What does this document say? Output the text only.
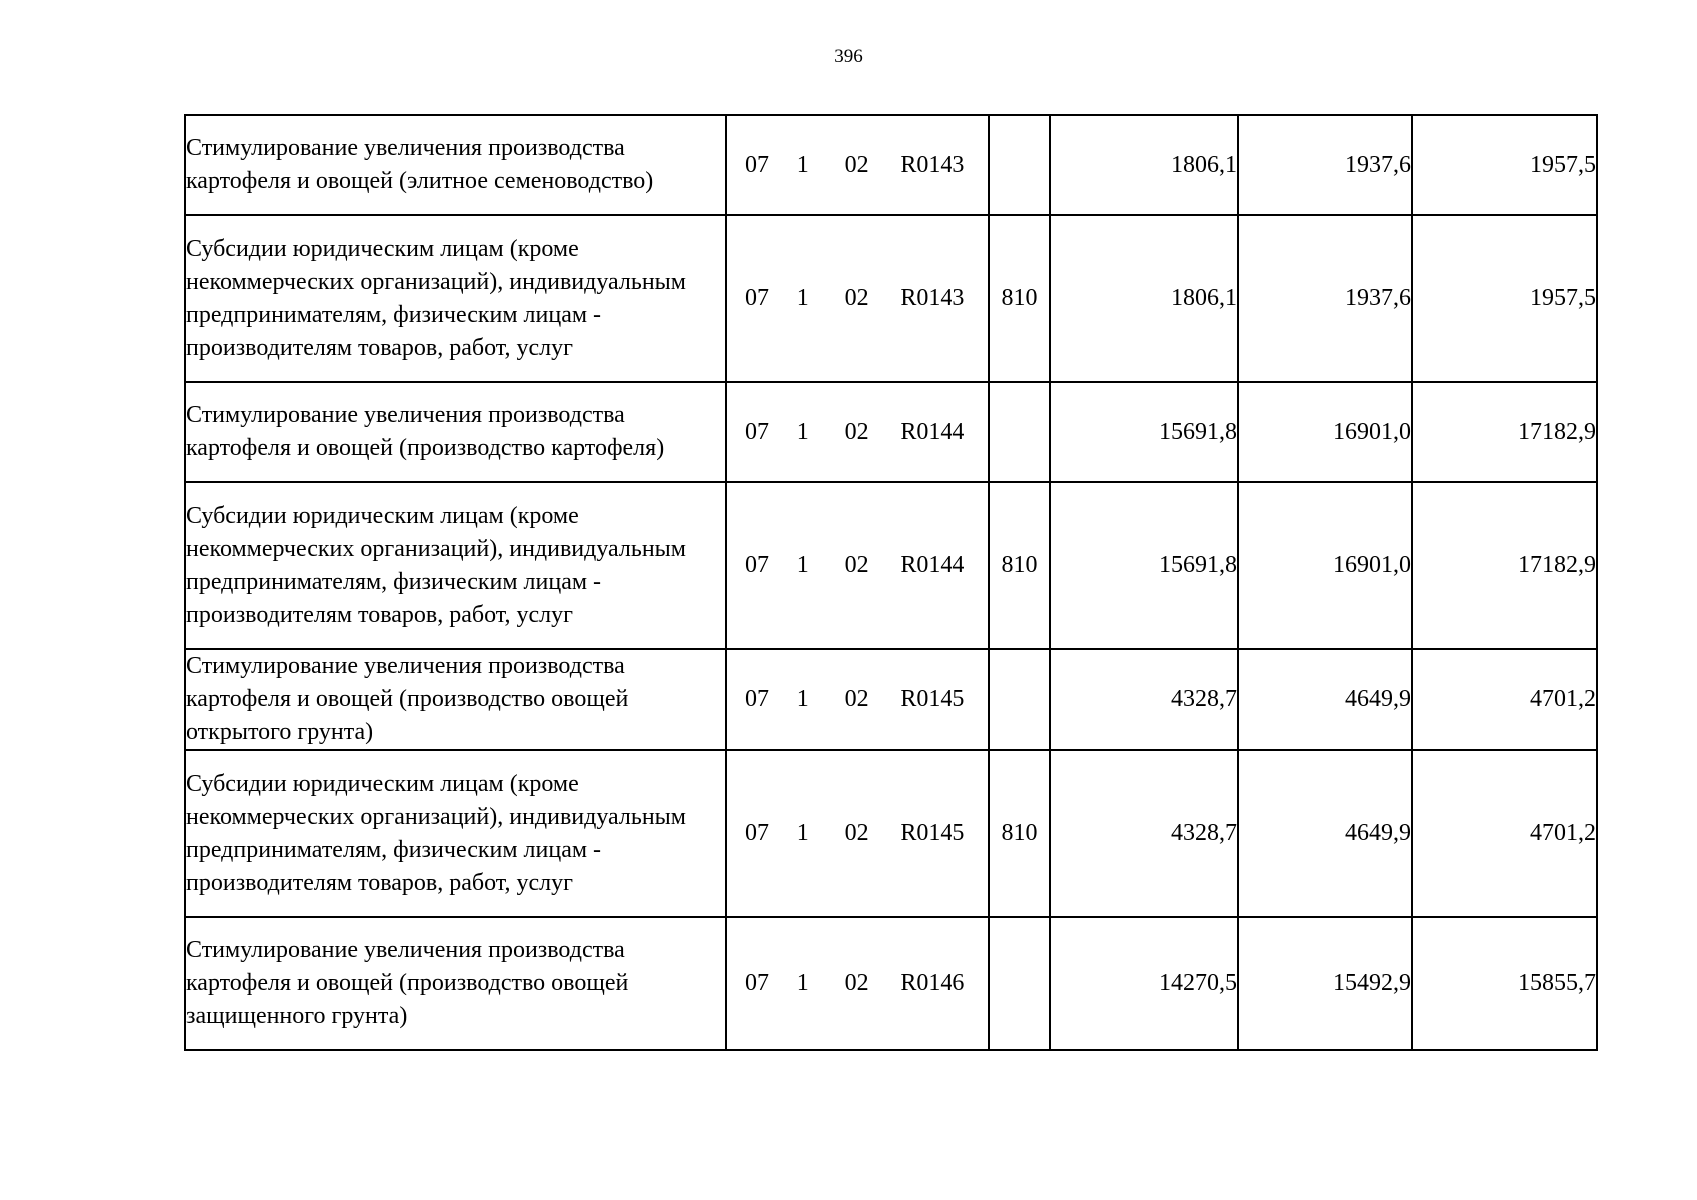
396
Стимулирование увеличения производства картофеля и овощей (элитное семеноводство)	07 1 02 R0143		1806,1	1937,6	1957,5
Субсидии юридическим лицам (кроме некоммерческих организаций), индивидуальным предпринимателям, физическим лицам - производителям товаров, работ, услуг	07 1 02 R0143	810	1806,1	1937,6	1957,5
Стимулирование увеличения производства картофеля и овощей (производство картофеля)	07 1 02 R0144		15691,8	16901,0	17182,9
Субсидии юридическим лицам (кроме некоммерческих организаций), индивидуальным предпринимателям, физическим лицам - производителям товаров, работ, услуг	07 1 02 R0144	810	15691,8	16901,0	17182,9
Стимулирование увеличения производства картофеля и овощей (производство овощей открытого грунта)	07 1 02 R0145		4328,7	4649,9	4701,2
Субсидии юридическим лицам (кроме некоммерческих организаций), индивидуальным предпринимателям, физическим лицам - производителям товаров, работ, услуг	07 1 02 R0145	810	4328,7	4649,9	4701,2
Стимулирование увеличения производства картофеля и овощей (производство овощей защищенного грунта)	07 1 02 R0146		14270,5	15492,9	15855,7
